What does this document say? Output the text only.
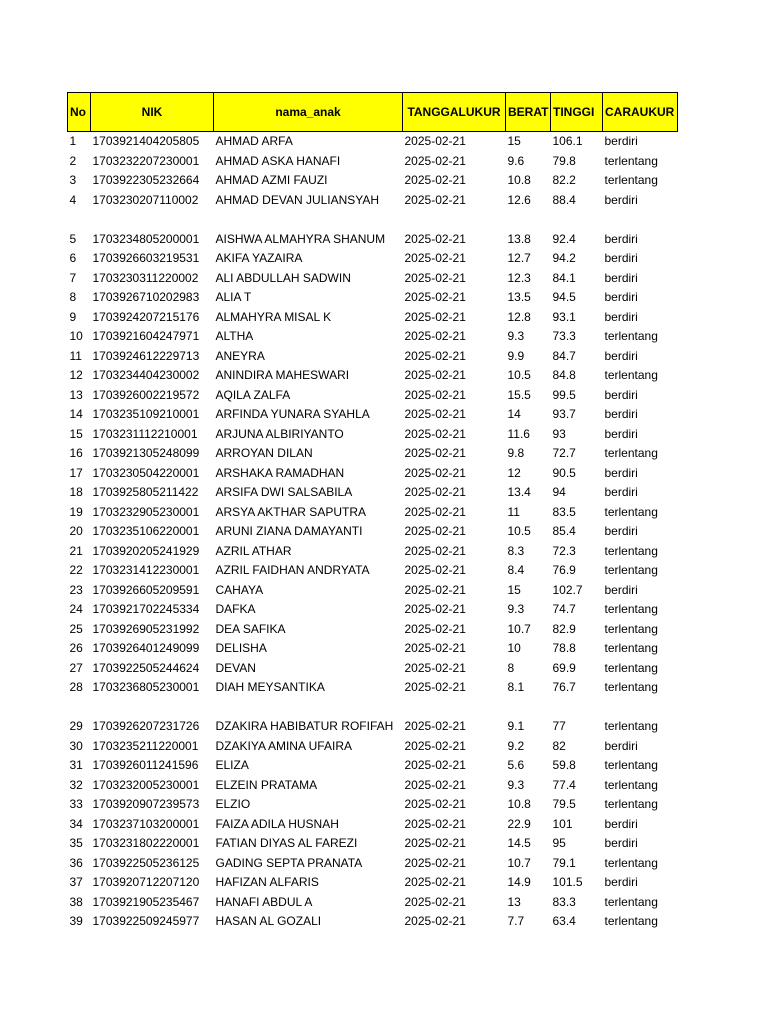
No	NIK	nama_anak	TANGGALUKUR	BERAT	TINGGI	CARAUKUR
1	1703921404205805	AHMAD ARFA	2025-02-21	15	106.1	berdiri
2	1703232207230001	AHMAD ASKA HANAFI	2025-02-21	9.6	79.8	terlentang
3	1703922305232664	AHMAD AZMI FAUZI	2025-02-21	10.8	82.2	terlentang
4	1703230207110002	AHMAD DEVAN JULIANSYAH	2025-02-21	12.6	88.4	berdiri

5	1703234805200001	AISHWA ALMAHYRA SHANUM	2025-02-21	13.8	92.4	berdiri
6	1703926603219531	AKIFA YAZAIRA	2025-02-21	12.7	94.2	berdiri
7	1703230311220002	ALI ABDULLAH SADWIN	2025-02-21	12.3	84.1	berdiri
8	1703926710202983	ALIA T	2025-02-21	13.5	94.5	berdiri
9	1703924207215176	ALMAHYRA MISAL K	2025-02-21	12.8	93.1	berdiri
10	1703921604247971	ALTHA	2025-02-21	9.3	73.3	terlentang
11	1703924612229713	ANEYRA	2025-02-21	9.9	84.7	berdiri
12	1703234404230002	ANINDIRA MAHESWARI	2025-02-21	10.5	84.8	terlentang
13	1703926002219572	AQILA ZALFA	2025-02-21	15.5	99.5	berdiri
14	1703235109210001	ARFINDA YUNARA SYAHLA	2025-02-21	14	93.7	berdiri
15	1703231112210001	ARJUNA ALBIRIYANTO	2025-02-21	11.6	93	berdiri
16	1703921305248099	ARROYAN DILAN	2025-02-21	9.8	72.7	terlentang
17	1703230504220001	ARSHAKA RAMADHAN	2025-02-21	12	90.5	berdiri
18	1703925805211422	ARSIFA DWI SALSABILA	2025-02-21	13.4	94	berdiri
19	1703232905230001	ARSYA AKTHAR SAPUTRA	2025-02-21	11	83.5	terlentang
20	1703235106220001	ARUNI ZIANA DAMAYANTI	2025-02-21	10.5	85.4	berdiri
21	1703920205241929	AZRIL ATHAR	2025-02-21	8.3	72.3	terlentang
22	1703231412230001	AZRIL FAIDHAN ANDRYATA	2025-02-21	8.4	76.9	terlentang
23	1703926605209591	CAHAYA	2025-02-21	15	102.7	berdiri
24	1703921702245334	DAFKA	2025-02-21	9.3	74.7	terlentang
25	1703926905231992	DEA SAFIKA	2025-02-21	10.7	82.9	terlentang
26	1703926401249099	DELISHA	2025-02-21	10	78.8	terlentang
27	1703922505244624	DEVAN	2025-02-21	8	69.9	terlentang
28	1703236805230001	DIAH MEYSANTIKA	2025-02-21	8.1	76.7	terlentang

29	1703926207231726	DZAKIRA HABIBATUR ROFIFAH	2025-02-21	9.1	77	terlentang
30	1703235211220001	DZAKIYA AMINA UFAIRA	2025-02-21	9.2	82	berdiri
31	1703926011241596	ELIZA	2025-02-21	5.6	59.8	terlentang
32	1703232005230001	ELZEIN PRATAMA	2025-02-21	9.3	77.4	terlentang
33	1703920907239573	ELZIO	2025-02-21	10.8	79.5	terlentang
34	1703237103200001	FAIZA ADILA HUSNAH	2025-02-21	22.9	101	berdiri
35	1703231802220001	FATIAN DIYAS AL FAREZI	2025-02-21	14.5	95	berdiri
36	1703922505236125	GADING SEPTA PRANATA	2025-02-21	10.7	79.1	terlentang
37	1703920712207120	HAFIZAN ALFARIS	2025-02-21	14.9	101.5	berdiri
38	1703921905235467	HANAFI ABDUL A	2025-02-21	13	83.3	terlentang
39	1703922509245977	HASAN AL GOZALI	2025-02-21	7.7	63.4	terlentang
